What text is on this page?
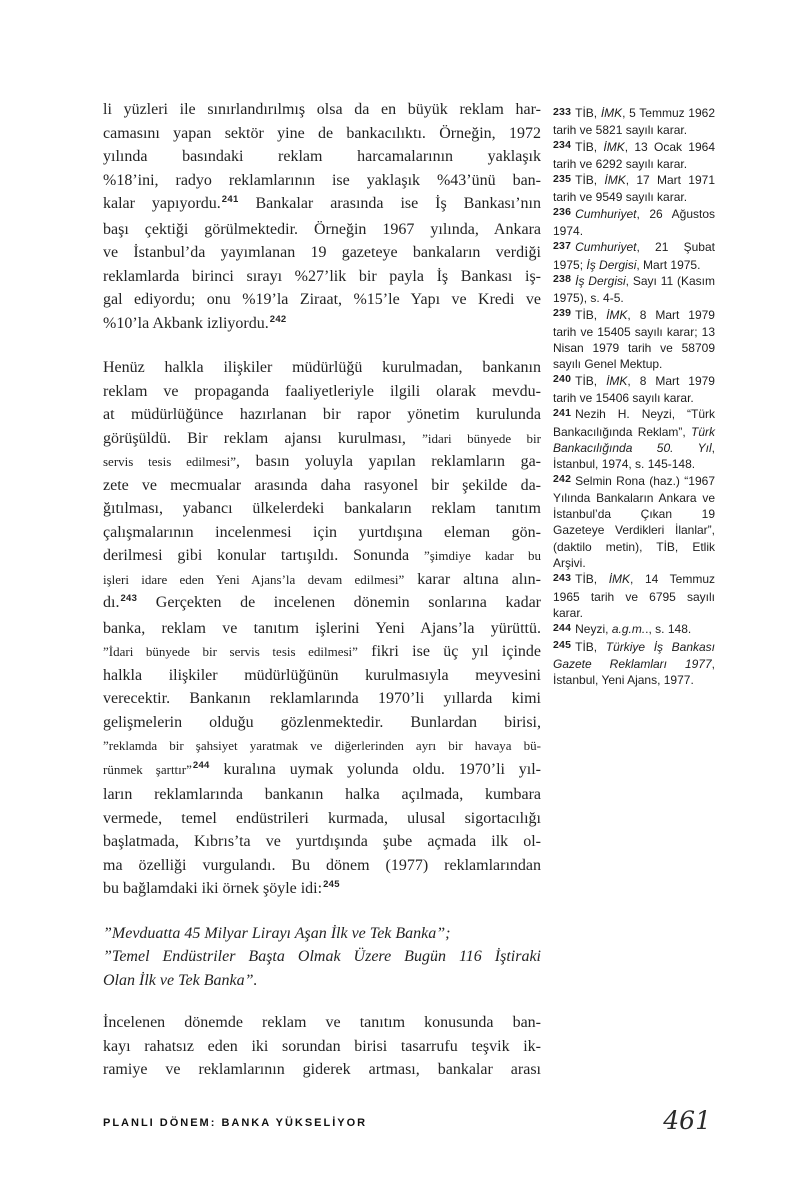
li yüzleri ile sınırlandırılmış olsa da en büyük reklam har-
camasını yapan sektör yine de bankacılıktı. Örneğin, 1972
yılında basındaki reklam harcamalarının yaklaşık
%18’ini, radyo reklamlarının ise yaklaşık %43’ünü ban-
kalar yapıyordu.$^{241}$ Bankalar arasında ise İş Bankası’nın
başı çektiği görülmektedir. Örneğin 1967 yılında, Ankara
ve İstanbul’da yayımlanan 19 gazeteye bankaların verdiği
reklamlarda birinci sırayı %27’lik bir payla İş Bankası iş-
gal ediyordu; onu %19’la Ziraat, %15’le Yapı ve Kredi ve
%10’la Akbank izliyordu.$^{242}$
Henüz halkla ilişkiler müdürlüğü kurulmadan, bankanın
reklam ve propaganda faaliyetleriyle ilgili olarak mevdu-
at müdürlüğünce hazırlanan bir rapor yönetim kurulunda
görüşüldü. Bir reklam ajansı kurulması, ”idari bünyede bir
servis tesis edilmesi”, basın yoluyla yapılan reklamların ga-
zete ve mecmualar arasında daha rasyonel bir şekilde da-
ğıtılması, yabancı ülkelerdeki bankaların reklam tanıtım
çalışmalarının incelenmesi için yurtdışına eleman gön-
derilmesi gibi konular tartışıldı. Sonunda ”şimdiye kadar bu
işleri idare eden Yeni Ajans’la devam edilmesi” karar altına alın-
dı.$^{243}$ Gerçekten de incelenen dönemin sonlarına kadar
banka, reklam ve tanıtım işlerini Yeni Ajans’la yürüttü.
”İdari bünyede bir servis tesis edilmesi” fikri ise üç yıl içinde
halkla ilişkiler müdürlüğünün kurulmasıyla meyvesini
verecektir. Bankanın reklamlarında 1970’li yıllarda kimi
gelişmelerin olduğu gözlenmektedir. Bunlardan birisi,
”reklamda bir şahsiyet yaratmak ve diğerlerinden ayrı bir havaya bü-
rünmek şarttır”$^{244}$ kuralına uymak yolunda oldu. 1970’li yıl-
ların reklamlarında bankanın halka açılmada, kumbara
vermede, temel endüstrileri kurmada, ulusal sigortacılığı
başlatmada, Kıbrıs’ta ve yurtdışında şube açmada ilk ol-
ma özelliği vurgulandı. Bu dönem (1977) reklamlarından
bu bağlamdaki iki örnek şöyle idi:$^{245}$
”Mevduatta 45 Milyar Lirayı Aşan İlk ve Tek Banka”;
”Temel Endüstriler Başta Olmak Üzere Bugün 116 İştiraki
Olan İlk ve Tek Banka”.
İncelenen dönemde reklam ve tanıtım konusunda ban-
kayı rahatsız eden iki sorundan birisi tasarrufu teşvik ik-
ramiye ve reklamlarının giderek artması, bankalar arası
233 TİB, İMK, 5 Temmuz 1962 tarih ve 5821 sayılı karar.
234 TİB, İMK, 13 Ocak 1964 tarih ve 6292 sayılı karar.
235 TİB, İMK, 17 Mart 1971 tarih ve 9549 sayılı karar.
236 Cumhuriyet, 26 Ağustos 1974.
237 Cumhuriyet, 21 Şubat 1975; İş Dergisi, Mart 1975.
238 İş Dergisi, Sayı 11 (Kasım 1975), s. 4-5.
239 TİB, İMK, 8 Mart 1979 tarih ve 15405 sayılı karar; 13 Nisan 1979 tarih ve 58709 sayılı Genel Mektup.
240 TİB, İMK, 8 Mart 1979 tarih ve 15406 sayılı karar.
241 Nezih H. Neyzi, “Türk Bankacılığında Reklam”, Türk Bankacılığında 50. Yıl, İstanbul, 1974, s. 145-148.
242 Selmin Rona (haz.) “1967 Yılında Bankaların Ankara ve İstanbul’da Çıkan 19 Gazeteye Verdikleri İlanlar”, (daktilo metin), TİB, Etlik Arşivi.
243 TİB, İMK, 14 Temmuz 1965 tarih ve 6795 sayılı karar.
244 Neyzi, a.g.m.., s. 148.
245 TİB, Türkiye İş Bankası Gazete Reklamları 1977, İstanbul, Yeni Ajans, 1977.
PLANLI DÖNEM: BANKA YÜKSELİYOR	461
